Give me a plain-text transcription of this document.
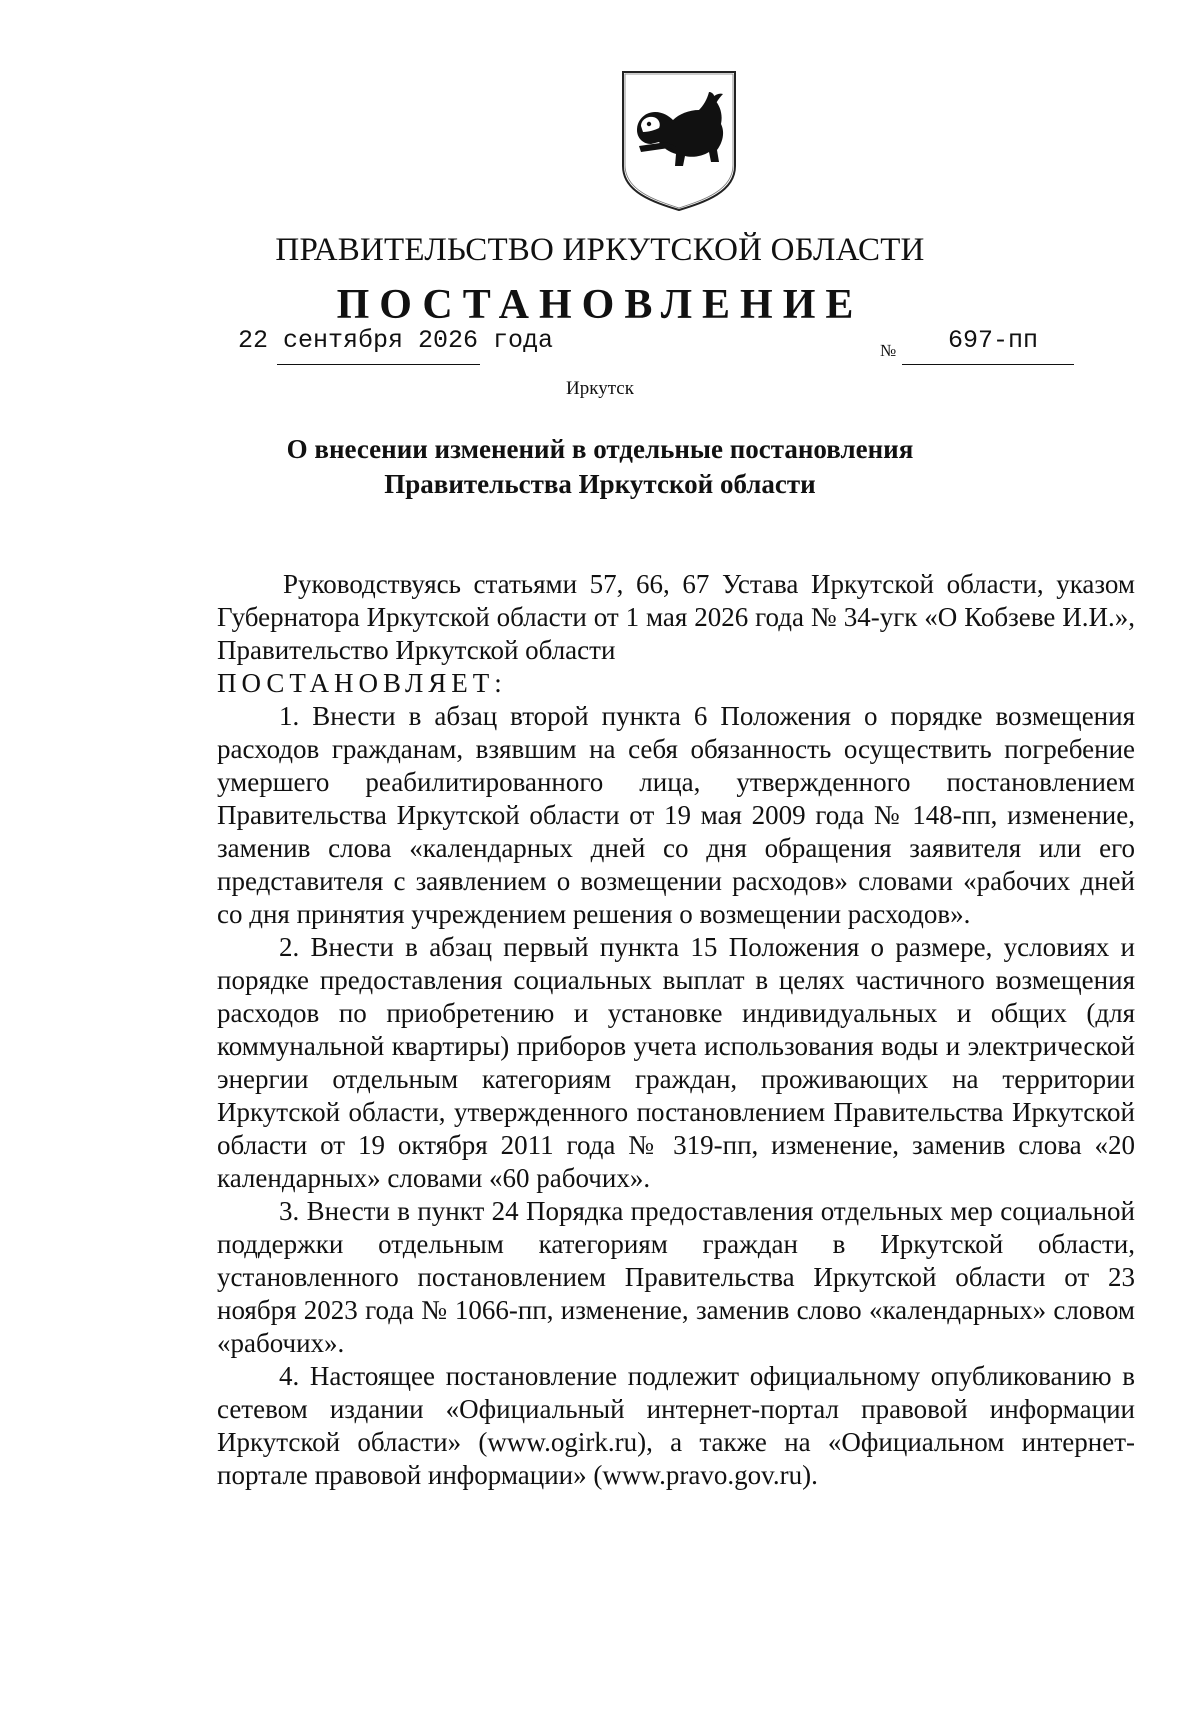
ПРАВИТЕЛЬСТВО ИРКУТСКОЙ ОБЛАСТИ
ПОСТАНОВЛЕНИЕ
22 сентября 2026 года	№ 697-пп
Иркутск
О внесении изменений в отдельные постановления
Правительства Иркутской области

Руководствуясь статьями 57, 66, 67 Устава Иркутской области, указом Губернатора Иркутской области от 1 мая 2026 года № 34-угк «О Кобзеве И.И.», Правительство Иркутской области

ПОСТАНОВЛЯЕТ:

1. Внести в абзац второй пункта 6 Положения о порядке возмещения расходов гражданам, взявшим на себя обязанность осуществить погребение умершего реабилитированного лица, утвержденного постановлением Правительства Иркутской области от 19 мая 2009 года № 148-пп, изменение, заменив слова «календарных дней со дня обращения заявителя или его представителя с заявлением о возмещении расходов» словами «рабочих дней со дня принятия учреждением решения о возмещении расходов».

2. Внести в абзац первый пункта 15 Положения о размере, условиях и порядке предоставления социальных выплат в целях частичного возмещения расходов по приобретению и установке индивидуальных и общих (для коммунальной квартиры) приборов учета использования воды и электрической энергии отдельным категориям граждан, проживающих на территории Иркутской области, утвержденного постановлением Правительства Иркутской области от 19 октября 2011 года № 319-пп, изменение, заменив слова «20 календарных» словами «60 рабочих».

3. Внести в пункт 24 Порядка предоставления отдельных мер социальной поддержки отдельным категориям граждан в Иркутской области, установленного постановлением Правительства Иркутской области от 23 ноября 2023 года № 1066-пп, изменение, заменив слово «календарных» словом «рабочих».

4. Настоящее постановление подлежит официальному опубликованию в сетевом издании «Официальный интернет-портал правовой информации Иркутской области» (www.ogirk.ru), а также на «Официальном интернет-портале правовой информации» (www.pravo.gov.ru).
